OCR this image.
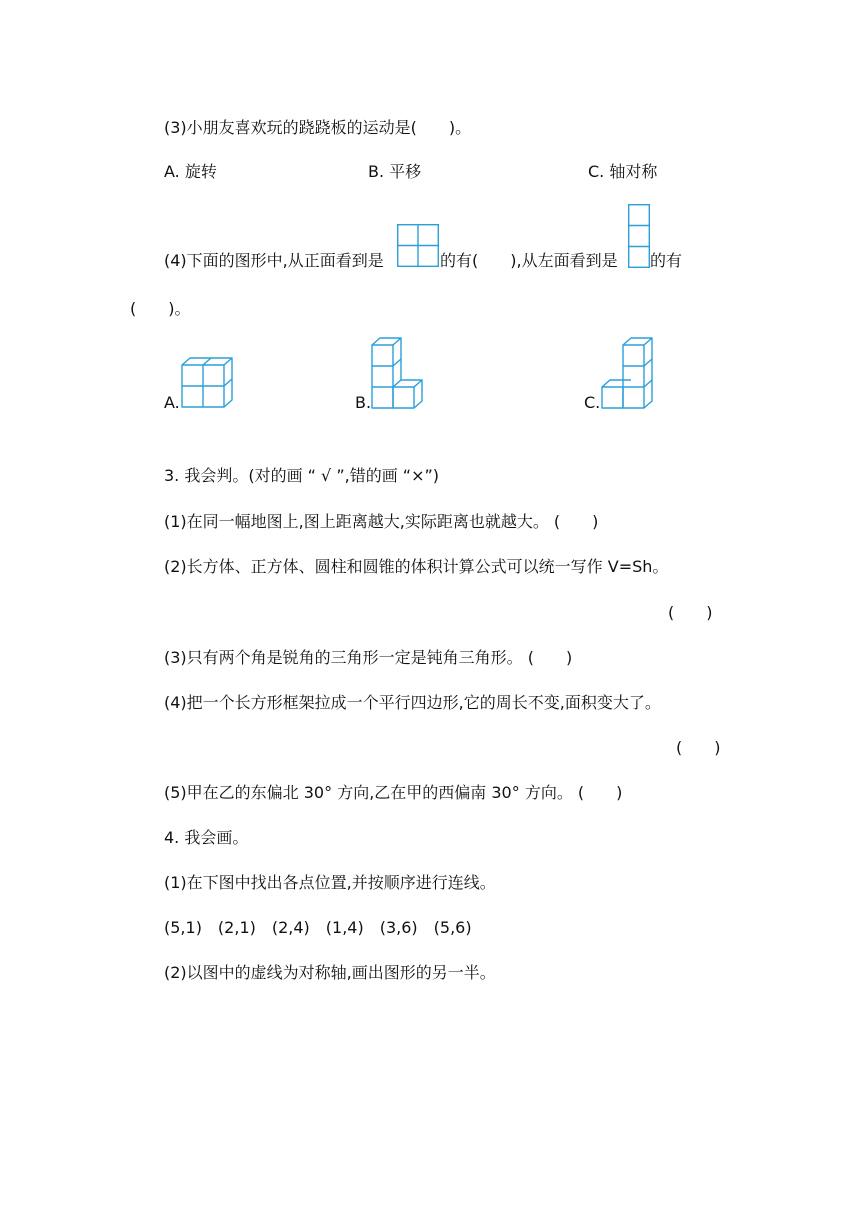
(3)小朋友喜欢玩的跷跷板的运动是(　　)。
A. 旋转	B. 平移	C. 轴对称
(4)下面的图形中,从正面看到是	的有(　　),从左面看到是 的有
(　　)。
A.	B.	C.
3. 我会判。(对的画 “ √ ”,错的画 “×”)
(1)在同一幅地图上,图上距离越大,实际距离也就越大。 (　　)
(2)长方体、正方体、圆柱和圆锥的体积计算公式可以统一写作 V=Sh。
(　　)
(3)只有两个角是锐角的三角形一定是钝角三角形。 (　　)
(4)把一个长方形框架拉成一个平行四边形,它的周长不变,面积变大了。
(　　)
(5)甲在乙的东偏北 30° 方向,乙在甲的西偏南 30° 方向。 (　　)
4. 我会画。
(1)在下图中找出各点位置,并按顺序进行连线。
(5,1)　(2,1)　(2,4)　(1,4)　(3,6)　(5,6)
(2)以图中的虚线为对称轴,画出图形的另一半。
